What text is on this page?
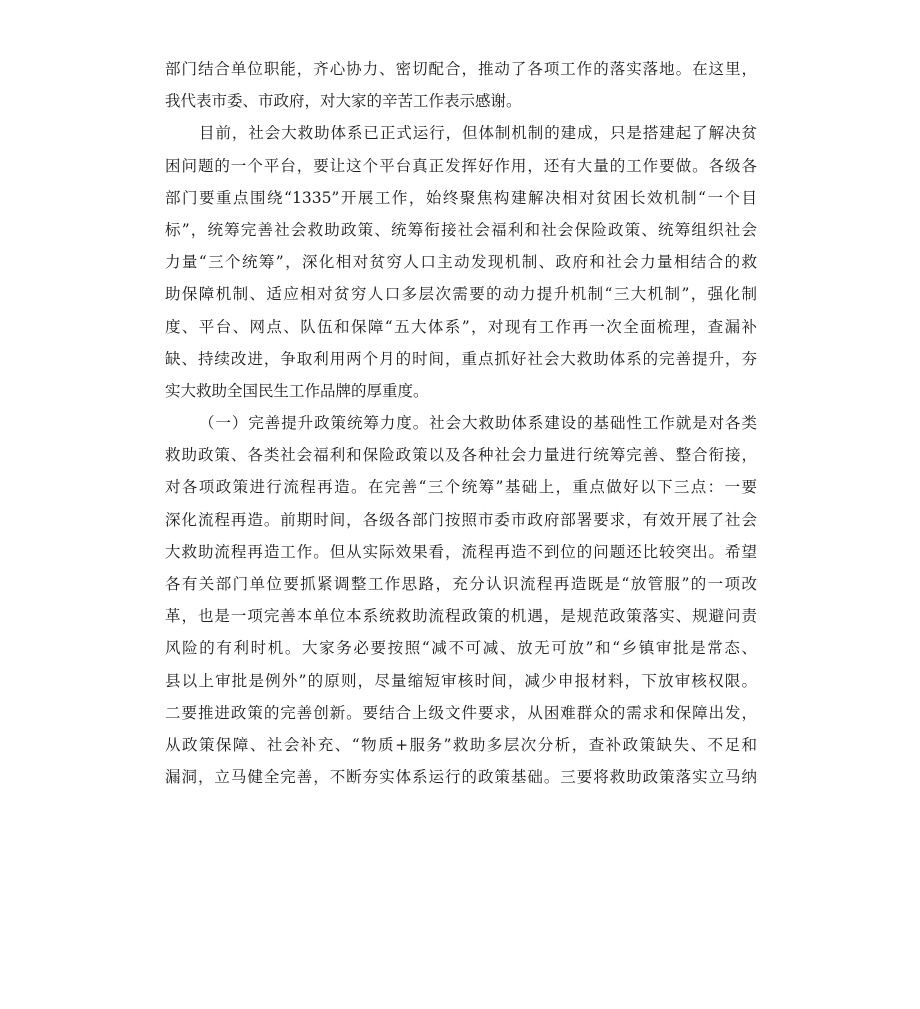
部门结合单位职能，齐心协力、密切配合，推动了各项工作的落实落地。在这里，
我代表市委、市政府，对大家的辛苦工作表示感谢。
目前，社会大救助体系已正式运行，但体制机制的建成，只是搭建起了解决贫
困问题的一个平台，要让这个平台真正发挥好作用，还有大量的工作要做。各级各
部门要重点围绕“1335”开展工作，始终聚焦构建解决相对贫困长效机制“一个目
标”，统筹完善社会救助政策、统筹衔接社会福利和社会保险政策、统筹组织社会
力量“三个统筹”，深化相对贫穷人口主动发现机制、政府和社会力量相结合的救
助保障机制、适应相对贫穷人口多层次需要的动力提升机制“三大机制”，强化制
度、平台、网点、队伍和保障“五大体系”，对现有工作再一次全面梳理，查漏补
缺、持续改进，争取利用两个月的时间，重点抓好社会大救助体系的完善提升，夯
实大救助全国民生工作品牌的厚重度。
（一）完善提升政策统筹力度。社会大救助体系建设的基础性工作就是对各类
救助政策、各类社会福利和保险政策以及各种社会力量进行统筹完善、整合衔接，
对各项政策进行流程再造。在完善“三个统筹”基础上，重点做好以下三点：一要
深化流程再造。前期时间，各级各部门按照市委市政府部署要求，有效开展了社会
大救助流程再造工作。但从实际效果看，流程再造不到位的问题还比较突出。希望
各有关部门单位要抓紧调整工作思路，充分认识流程再造既是“放管服”的一项改
革，也是一项完善本单位本系统救助流程政策的机遇，是规范政策落实、规避问责
风险的有利时机。大家务必要按照“减不可减、放无可放”和“乡镇审批是常态、
县以上审批是例外”的原则，尽量缩短审核时间，减少申报材料，下放审核权限。
二要推进政策的完善创新。要结合上级文件要求，从困难群众的需求和保障出发，
从政策保障、社会补充、“物质+服务”救助多层次分析，查补政策缺失、不足和
漏洞，立马健全完善，不断夯实体系运行的政策基础。三要将救助政策落实立马纳
